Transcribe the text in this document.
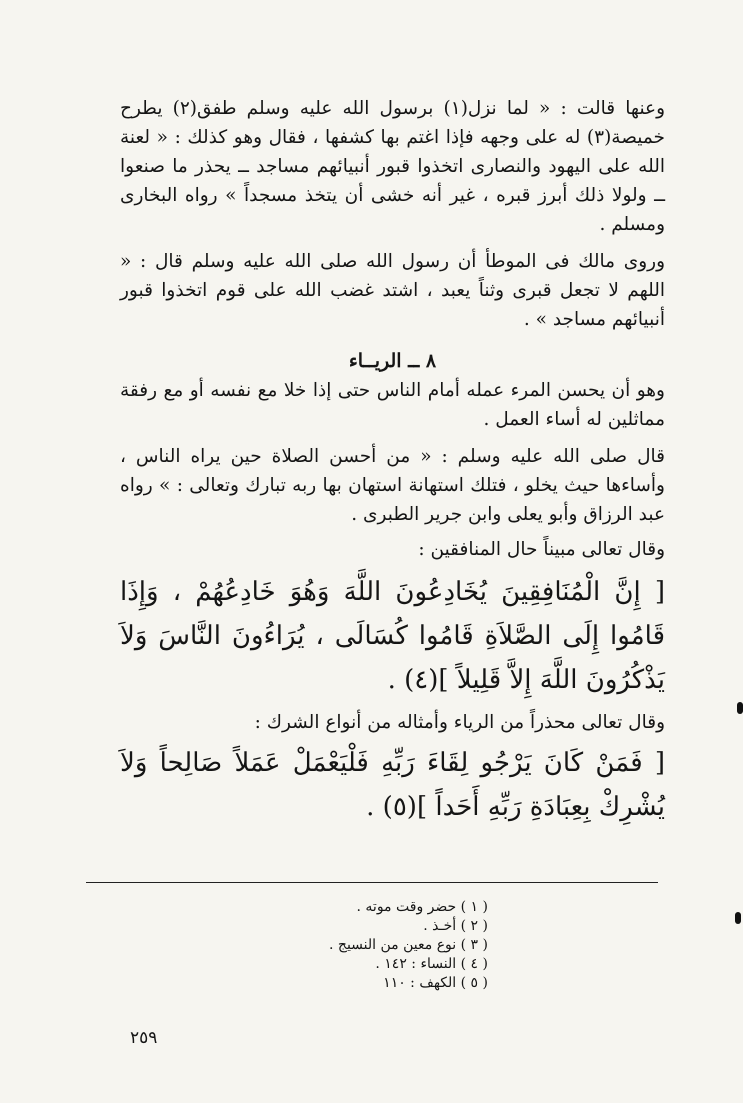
وعنها قالت : « لما نزل(١) برسول الله عليه وسلم طفق(٢) يطرح خميصة(٣) له على وجهه فإذا اغتم بها كشفها ، فقال وهو كذلك : « لعنة الله على اليهود والنصارى اتخذوا قبور أنبيائهم مساجد ــ يحذر ما صنعوا ــ ولولا ذلك أبرز قبره ، غير أنه خشى أن يتخذ مسجداً » رواه البخارى ومسلم .

وروى مالك فى الموطأ أن رسول الله صلى الله عليه وسلم قال : « اللهم لا تجعل قبرى وثناً يعبد ، اشتد غضب الله على قوم اتخذوا قبور أنبيائهم مساجد » .

٨ ــ الريــاء

وهو أن يحسن المرء عمله أمام الناس حتى إذا خلا مع نفسه أو مع رفقة مماثلين له أساء العمل .

قال صلى الله عليه وسلم : « من أحسن الصلاة حين يراه الناس ، وأساءها حيث يخلو ، فتلك استهانة استهان بها ربه تبارك وتعالى : » رواه عبد الرزاق وأبو يعلى وابن جرير الطبرى .

وقال تعالى مبيناً حال المنافقين :

[ إِنَّ الْمُنَافِقِينَ يُخَادِعُونَ اللَّهَ وَهُوَ خَادِعُهُمْ ، وَإِذَا قَامُوا إِلَى الصَّلاَةِ قَامُوا كُسَالَى ، يُرَاءُونَ النَّاسَ وَلاَ يَذْكُرُونَ اللَّهَ إِلاَّ قَلِيلاً ](٤) .

وقال تعالى محذراً من الرياء وأمثاله من أنواع الشرك :

[ فَمَنْ كَانَ يَرْجُو لِقَاءَ رَبِّهِ فَلْيَعْمَلْ عَمَلاً صَالِحاً وَلاَ يُشْرِكْ بِعِبَادَةِ رَبِّهِ أَحَداً ](٥) .

( ١ ) حضر وقت موته .
( ٢ ) أخـذ .
( ٣ ) نوع معين من النسيج .
( ٤ ) النساء : ١٤٢ .
( ٥ ) الكهف : ١١٠
٢٥٩
